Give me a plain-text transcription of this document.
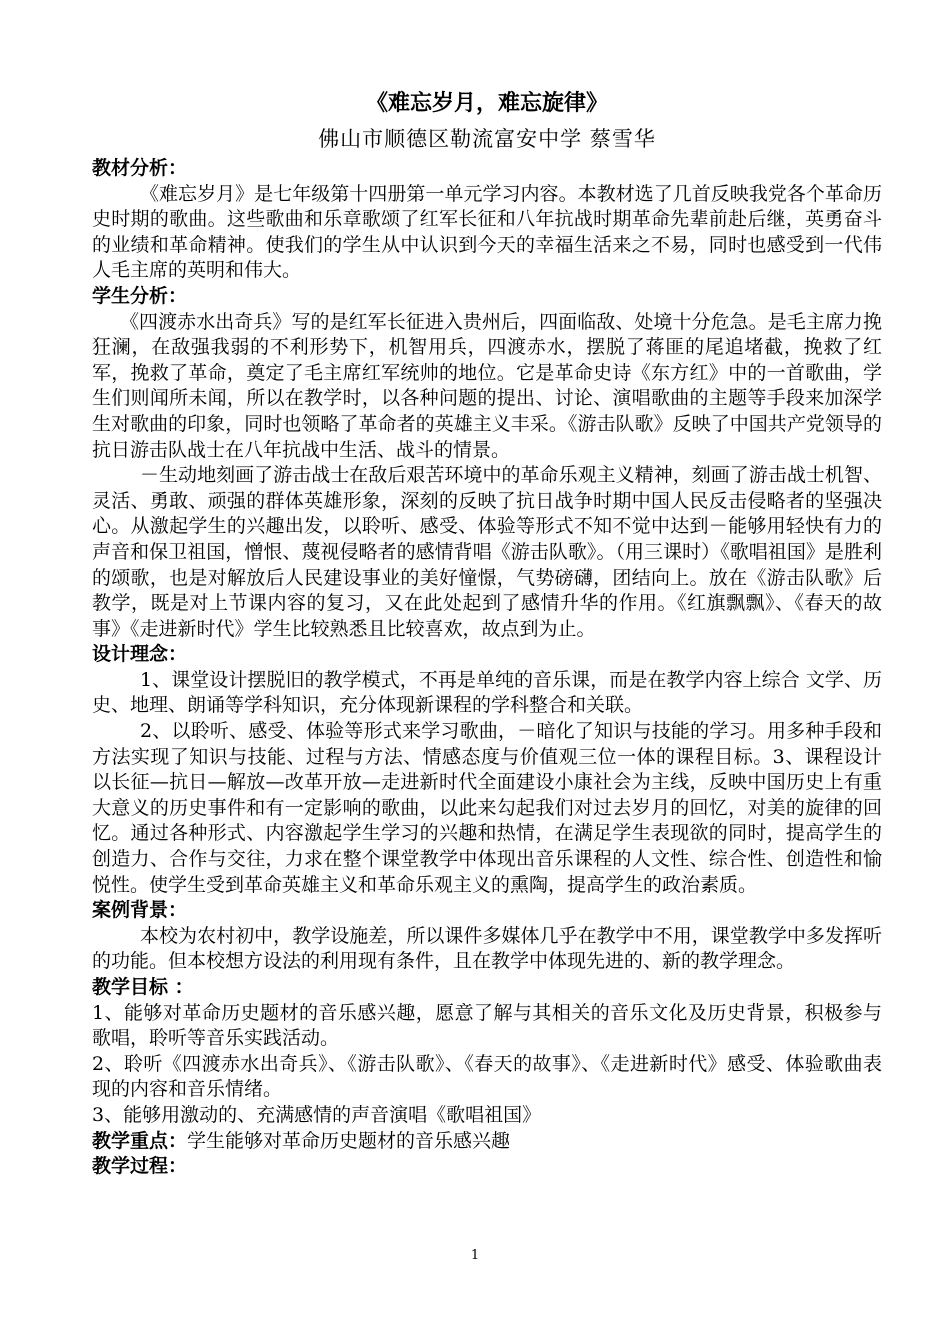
《难忘岁月，难忘旋律》
佛山市顺德区勒流富安中学 蔡雪华
教材分析：

《难忘岁月》是七年级第十四册第一单元学习内容。本教材选了几首反映我党各个革命历史时期的歌曲。这些歌曲和乐章歌颂了红军长征和八年抗战时期革命先辈前赴后继，英勇奋斗的业绩和革命精神。使我们的学生从中认识到今天的幸福生活来之不易，同时也感受到一代伟人毛主席的英明和伟大。

学生分析：

《四渡赤水出奇兵》写的是红军长征进入贵州后，四面临敌、处境十分危急。是毛主席力挽狂澜，在敌强我弱的不利形势下，机智用兵，四渡赤水，摆脱了蒋匪的尾追堵截，挽救了红军，挽救了革命，奠定了毛主席红军统帅的地位。它是革命史诗《东方红》中的一首歌曲，学生们则闻所未闻，所以在教学时，以各种问题的提出、讨论、演唱歌曲的主题等手段来加深学生对歌曲的印象，同时也领略了革命者的英雄主义丰采。《游击队歌》反映了中国共产党领导的抗日游击队战士在八年抗战中生活、战斗的情景。

－生动地刻画了游击战士在敌后艰苦环境中的革命乐观主义精神，刻画了游击战士机智、灵活、勇敢、顽强的群体英雄形象，深刻的反映了抗日战争时期中国人民反击侵略者的坚强决心。从激起学生的兴趣出发，以聆听、感受、体验等形式不知不觉中达到－能够用轻快有力的声音和保卫祖国，憎恨、蔑视侵略者的感情背唱《游击队歌》。（用三课时）《歌唱祖国》是胜利的颂歌，也是对解放后人民建设事业的美好憧憬，气势磅礴，团结向上。放在《游击队歌》后教学，既是对上节课内容的复习，又在此处起到了感情升华的作用。《红旗飘飘》、《春天的故事》《走进新时代》学生比较熟悉且比较喜欢，故点到为止。

设计理念：

1、课堂设计摆脱旧的教学模式，不再是单纯的音乐课，而是在教学内容上综合 文学、历史、地理、朗诵等学科知识，充分体现新课程的学科整合和关联。

2、以聆听、感受、体验等形式来学习歌曲，－暗化了知识与技能的学习。用多种手段和方法实现了知识与技能、过程与方法、情感态度与价值观三位一体的课程目标。3、课程设计以长征—抗日—解放—改革开放—走进新时代全面建设小康社会为主线，反映中国历史上有重大意义的历史事件和有一定影响的歌曲，以此来勾起我们对过去岁月的回忆，对美的旋律的回忆。通过各种形式、内容激起学生学习的兴趣和热情，在满足学生表现欲的同时，提高学生的创造力、合作与交往，力求在整个课堂教学中体现出音乐课程的人文性、综合性、创造性和愉悦性。使学生受到革命英雄主义和革命乐观主义的熏陶，提高学生的政治素质。

案例背景：

本校为农村初中，教学设施差，所以课件多媒体几乎在教学中不用，课堂教学中多发挥听的功能。但本校想方设法的利用现有条件，且在教学中体现先进的、新的教学理念。

教学目标 ：

1、能够对革命历史题材的音乐感兴趣，愿意了解与其相关的音乐文化及历史背景，积极参与歌唱，聆听等音乐实践活动。

2、聆听《四渡赤水出奇兵》、《游击队歌》、《春天的故事》、《走进新时代》感受、体验歌曲表现的内容和音乐情绪。

3、能够用激动的、充满感情的声音演唱《歌唱祖国》

教学重点：学生能够对革命历史题材的音乐感兴趣

教学过程：
1
